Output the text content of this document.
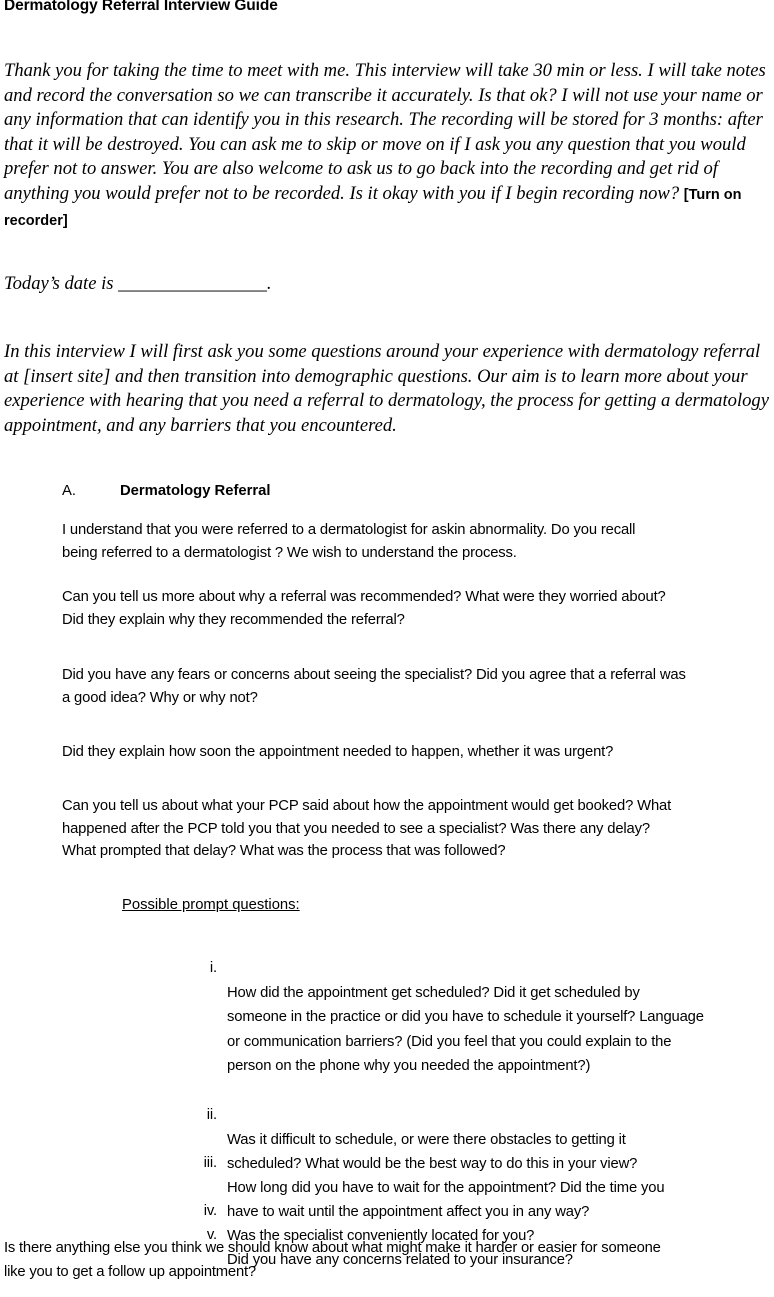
Dermatology Referral Interview Guide
Thank you for taking the time to meet with me. This interview will take 30 min or less. I will take notes and record the conversation so we can transcribe it accurately. Is that ok? I will not use your name or any information that can identify you in this research. The recording will be stored for 3 months: after that it will be destroyed. You can ask me to skip or move on if I ask you any question that you would prefer not to answer. You are also welcome to ask us to go back into the recording and get rid of anything you would prefer not to be recorded. Is it okay with you if I begin recording now? [Turn on recorder]
Today’s date is ________________.
In this interview I will first ask you some questions around your experience with dermatology referral at [insert site] and then transition into demographic questions. Our aim is to learn more about your experience with hearing that you need a referral to dermatology, the process for getting a dermatology appointment, and any barriers that you encountered.
A.	Dermatology Referral
I understand that you were referred to a dermatologist for askin abnormality. Do you recall
being referred to a dermatologist ? We wish to understand the process.
Can you tell us more about why a referral was recommended? What were they worried about?
Did they explain why they recommended the referral?
Did you have any fears or concerns about seeing the specialist? Did you agree that a referral was
a good idea? Why or why not?
Did they explain how soon the appointment needed to happen, whether it was urgent?
Can you tell us about what your PCP said about how the appointment would get booked? What
happened after the PCP told you that you needed to see a specialist? Was there any delay?
What prompted that delay? What was the process that was followed?
Possible prompt questions:

i.

How did the appointment get scheduled? Did it get scheduled by
someone in the practice or did you have to schedule it yourself? Language
or communication barriers? (Did you feel that you could explain to the
person on the phone why you needed the appointment?)

ii.

Was it difficult to schedule, or were there obstacles to getting it
scheduled? What would be the best way to do this in your view?

iii.

How long did you have to wait for the appointment? Did the time you
have to wait until the appointment affect you in any way?

iv.

Was the specialist conveniently located for you?

v.

Did you have any concerns related to your insurance?

Is there anything else you think we should know about what might make it harder or easier for someone
like you to get a follow up appointment?
